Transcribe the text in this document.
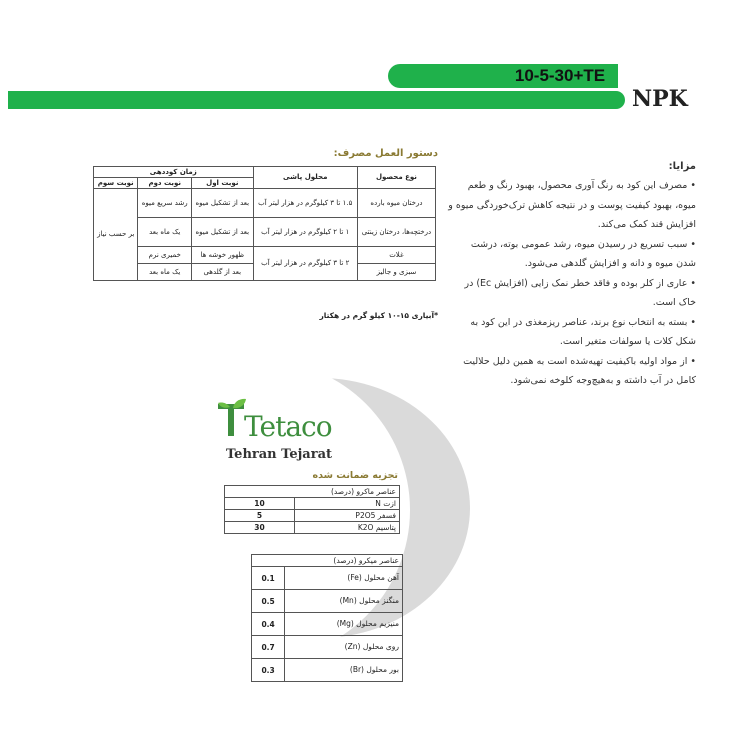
10-5-30+TE
NPK
دستور العمل مصرف:
نوع محصول	محلول پاشی	زمان کوددهی		
		نوبت اول	نوبت دوم	نوبت سوم
درختان میوه بارده	۱.۵ تا ۳ کیلوگرم در هزار لیتر آب	بعد از تشکیل میوه	رشد سریع میوه	بر حسب نیاز
درختچه‌ها، درختان زینتی	۱ تا ۲ کیلوگرم در هزار لیتر آب	بعد از تشکیل میوه	یک ماه بعد	
غلات	۲ تا ۳ کیلوگرم در هزار لیتر آب	ظهور خوشه ها	خمیری نرم	
سبزی و جالیز		بعد از گلدهی	یک ماه بعد	
*آبیاری ۱۵-۱۰ کیلو گرم در هکتار
مزایا:

• مصرف این کود به رنگ آوری محصول، بهبود رنگ و طعم میوه، بهبود کیفیت پوست و در نتیجه کاهش ترک‌خوردگی میوه و افزایش قند کمک می‌کند.

• سبب تسریع در رسیدن میوه، رشد عمومی بوته، درشت شدن میوه و دانه و افزایش گلدهی می‌شود.

• عاری از کلر بوده و فاقد خطر نمک زایی (افزایش Ec) در خاک است.

• بسته به انتخاب نوع برند، عناصر ریزمغذی در این کود به شکل کلات یا سولفات متغیر است.

• از مواد اولیه باکیفیت تهیه‌شده است به همین دلیل حلالیت کامل در آب داشته و به‌هیچ‌وجه کلوخه نمی‌شود.

Tetaco
Tehran Tejarat
تجزیه ضمانت شده
عناصر ماکرو (درصد)	
ازت N	10
فسفر P2O5	5
پتاسیم K2O	30
عناصر میکرو (درصد)	
آهن محلول (Fe)	0.1
منگنز محلول (Mn)	0.5
منیزیم محلول (Mg)	0.4
روی محلول (Zn)	0.7
بور محلول (Br)	0.3
